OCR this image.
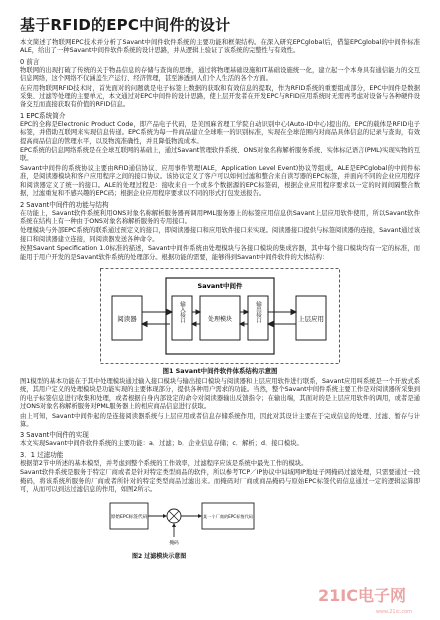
基于RFID的EPC中间件的设计
本文简述了物联网EPC技术并分析了Savant中间件软件系统的主要功能和框架结构。在深入研究EPCglobal后，借鉴EPCglobal的中间件标准ALE，给出了一种Savant中间件软件系统的设计思路，并从逻辑上验证了该系统的完整性与有效性。
0 前言
物联网的出现打破了传统的关于物品信息的存储与查询的思维，通过将物理基础设施和IT基础设施统一化，建立起一个本身具有通信能力的交互信息网络，这个网络不仅涵盖生产运行、经济管理，甚至渗透到人们个人生活的各个方面。
在应用物联网RFID技术时，首先面对的问题就是电子标签上数据的获取和有效信息的提取，作为RFID系统的重要组成部分，EPC中间件是数据采集、过滤等处理的主要单元，本文通过对EPC中间件的设计思路，使上层开发者在开发EPC与RFID应用系统时无需再考虑对设备与各种硬件设备交互而直接获取有价值的RFID信息。
1 EPC系统简介
EPC的全称是Electronic Product Code，即产品电子代码，是美国麻省理工学院自动识别中心(Auto-ID中心)提出的。EPC的载体是RFID电子标签，并借助互联网来实现信息传递。EPC系统为每一件商品建立全球唯一的识别标准，实现在全球范围内对商品具体信息的记录与查询，有效提高商品信息的管理水平，以及物流准确性，并且降低物流成本。
EPC系统的信息网络系统是在全球互联网的基础上，通过Savant管理软件系统、ONS对象名称解析服务系统、实体标记语言(PML)实现实物的互联。
Savant中间件的系统协议主要由RFID通信协议、应用事件管理(ALE，Application Level Event)协议等组成。ALE是EPCglobal的中间件标准，是阅读器模块和客户应用程序之间的接口协议。该协议定义了客户可以如何过滤和整合来自读写器的EPC标签，并面向不同的企业应用程序和阅读器定义了统一的接口。ALE的处理过程是：接收来自一个或多个数据源的EPC标签码，根据企业应用程序要求以一定的时间间隔整合数据，过滤重复和不感兴趣的EPC码；根据企业应用程序要求以不同的形式打包发送报告。
2 Savant中间件的功能与结构
在功能上，Savant软件系统利用ONS对象名称解析服务器再调用PML服务器上的标签应用信息供Savant上层应用软件使用，所以Savant软件系统在结构上有一种由于ONS对象名称解析服务的专用接口。
处理模块与外部EPC系统的联系通过预定义的接口，即阅读器接口和应用软件接口来实现。阅读器接口提供与标签阅读器的连接，Savant通过该接口和阅读器建立连接，同阅读器发送各种命令。
按照Savant Specification 1.0标准的描述，Savant中间件系统由处理模块与各接口模块的集成容器，其中每个接口模块均有一定的标准，而能用于用户开发的是Savant软件系统的处理部分。根据功能的需要，能够得到Savant中间件软件的大体结构：
阅读器
Savant中间件
输入接口	处理模块	输出接口	上层应用
图1 Savant中间件软件体系结构示意图
图1模型的基本功能在于其中处理模块通过输入接口模块与输出接口模块与阅读器和上层应用软件进行联系，Savant应用叫系统是一个开放式系统，其用户定义的处理模块是功能实现的主要体现部分，提供各种用户需求的功能。当然，整个Savant中间件系统主要工作是对阅读器所采集到的电子标签信息进行收集和处理，或者根据自身内部设定的命令对阅读器输出反馈指令；在输出端，其面对的是上层应用软件的调用，或者是通过ONS对象名称解析服务对PML服务器上的相应商品信息进行获取。
由上可知，Savant中间件起的是连接阅读器系统与上层应用或者信息存储系统作用，因此对其设计主要在于完成信息的处理、过滤、暂存与计算。
3 Savant中间件的实现
本文实现Savant中间件软件系统的主要功能：a．过滤；b．企业信息存储；c．解析；d．接口模块。
3．1 过滤功能
根据第2节中所述的基本模型，并考虑到整个系统的工作效率，过滤程序应该是系统中最先工作的模块。
Savant软件系统是服务于特定厂商或者是针对特定类型商品的软件，所以参考TCP／IP协议中局域网IP地址子网掩码过滤处理，只需要通过一段掩码，将该系统所服务的厂商或者所针对的特定类型商品过滤出来。而掩码对厂商或商品掩码与原始EPC标签代码信息通过一定的逻辑运算即可，从而可以到达过滤信息的作用，如图2所示。
原始EPC标签代码
掩码
某一个厂商的EPC标签代码
图2 过滤模块示意图
21IC电子网
www.21ic.com
